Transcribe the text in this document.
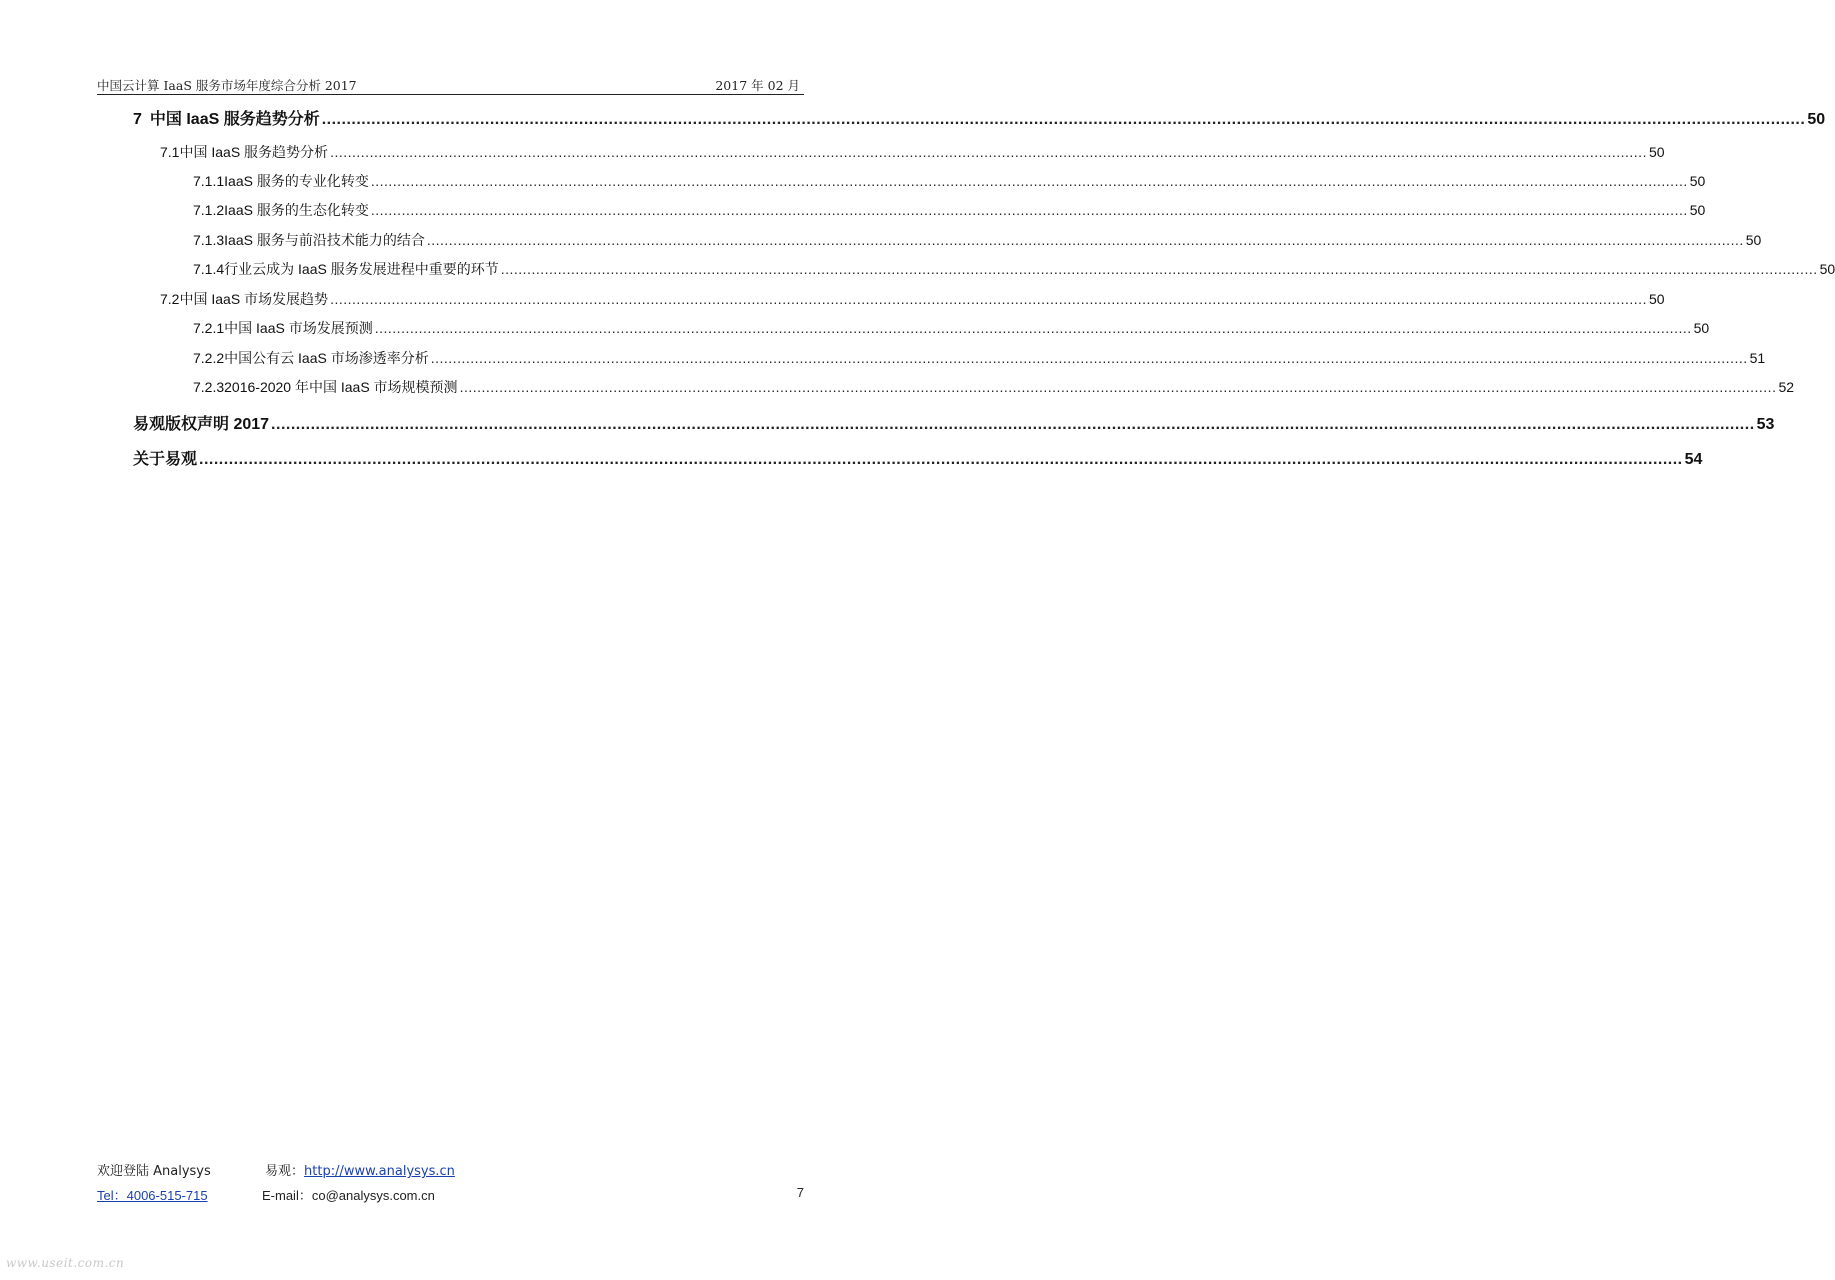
中国云计算 IaaS 服务市场年度综合分析 2017	2017 年 02 月
7 中国 IaaS 服务趋势分析 ............................................................................................................................................................................................................................................................................................................ 50
7.1 中国 IaaS 服务趋势分析 ............................................................................................................................................................................................................................................................................................................ 50
7.1.1 IaaS 服务的专业化转变 ............................................................................................................................................................................................................................................................................................................ 50
7.1.2 IaaS 服务的生态化转变 ............................................................................................................................................................................................................................................................................................................ 50
7.1.3 IaaS 服务与前沿技术能力的结合 ............................................................................................................................................................................................................................................................................................................ 50
7.1.4 行业云成为 IaaS 服务发展进程中重要的环节 ............................................................................................................................................................................................................................................................................................................ 50
7.2 中国 IaaS 市场发展趋势 ............................................................................................................................................................................................................................................................................................................ 50
7.2.1 中国 IaaS 市场发展预测 ............................................................................................................................................................................................................................................................................................................ 50
7.2.2 中国公有云 IaaS 市场渗透率分析 ............................................................................................................................................................................................................................................................................................................ 51
7.2.3 2016-2020 年中国 IaaS 市场规模预测 ............................................................................................................................................................................................................................................................................................................ 52
易观版权声明 2017 ............................................................................................................................................................................................................................................................................................................ 53
关于易观 ............................................................................................................................................................................................................................................................................................................ 54
欢迎登陆 Analysys	易观：http://www.analysys.cn
Tel：4006-515-715	E-mail：co@analysys.com.cn	7
www.useit.com.cn
